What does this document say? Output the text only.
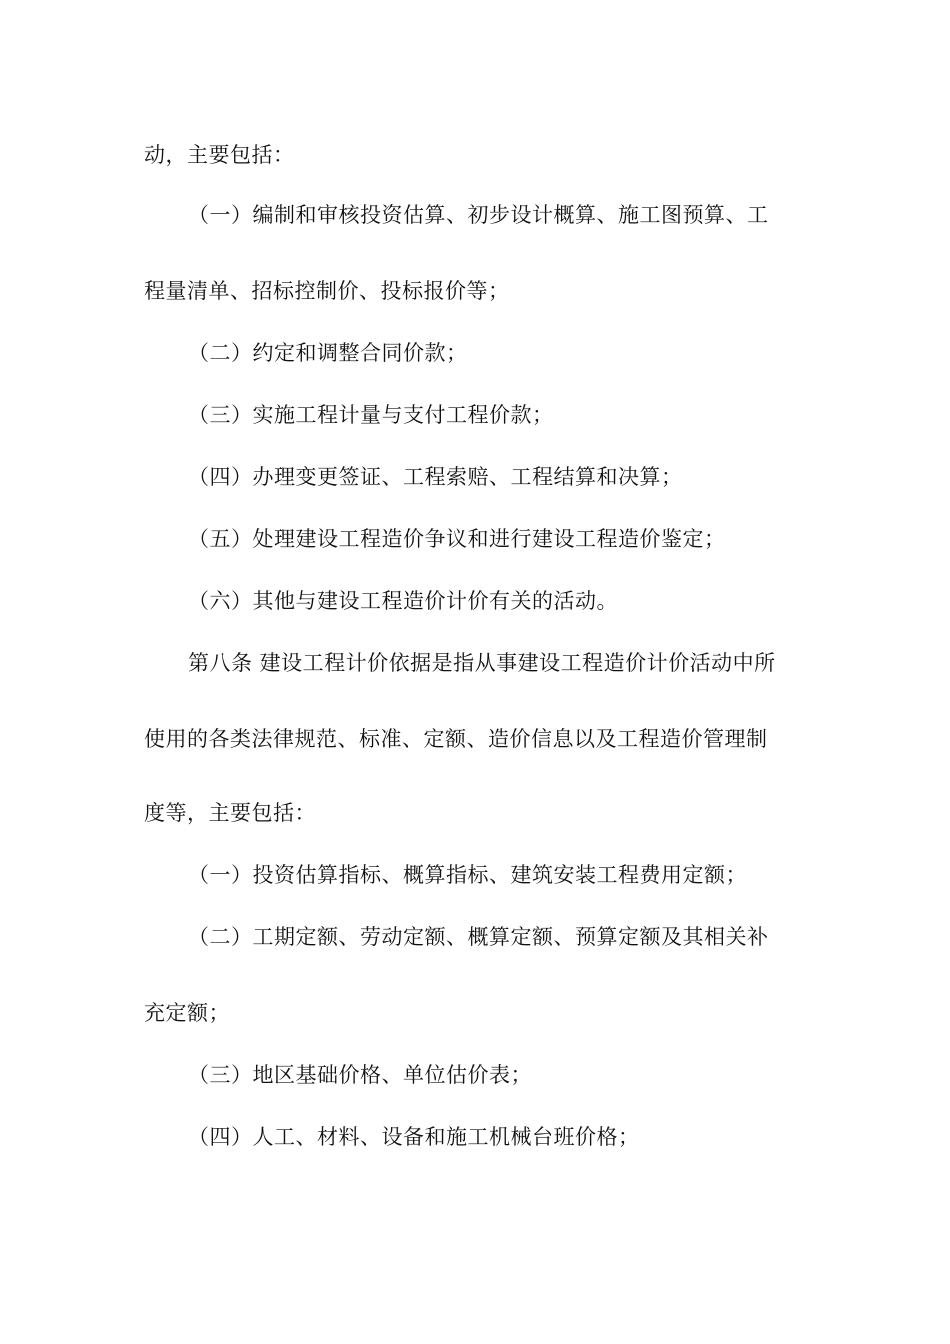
动，主要包括：
（一）编制和审核投资估算、初步设计概算、施工图预算、工
程量清单、招标控制价、投标报价等；
（二）约定和调整合同价款；
（三）实施工程计量与支付工程价款；
（四）办理变更签证、工程索赔、工程结算和决算；
（五）处理建设工程造价争议和进行建设工程造价鉴定；
（六）其他与建设工程造价计价有关的活动。
第八条 建设工程计价依据是指从事建设工程造价计价活动中所
使用的各类法律规范、标准、定额、造价信息以及工程造价管理制
度等，主要包括：
（一）投资估算指标、概算指标、建筑安装工程费用定额；
（二）工期定额、劳动定额、概算定额、预算定额及其相关补
充定额；
（三）地区基础价格、单位估价表；
（四）人工、材料、设备和施工机械台班价格；
